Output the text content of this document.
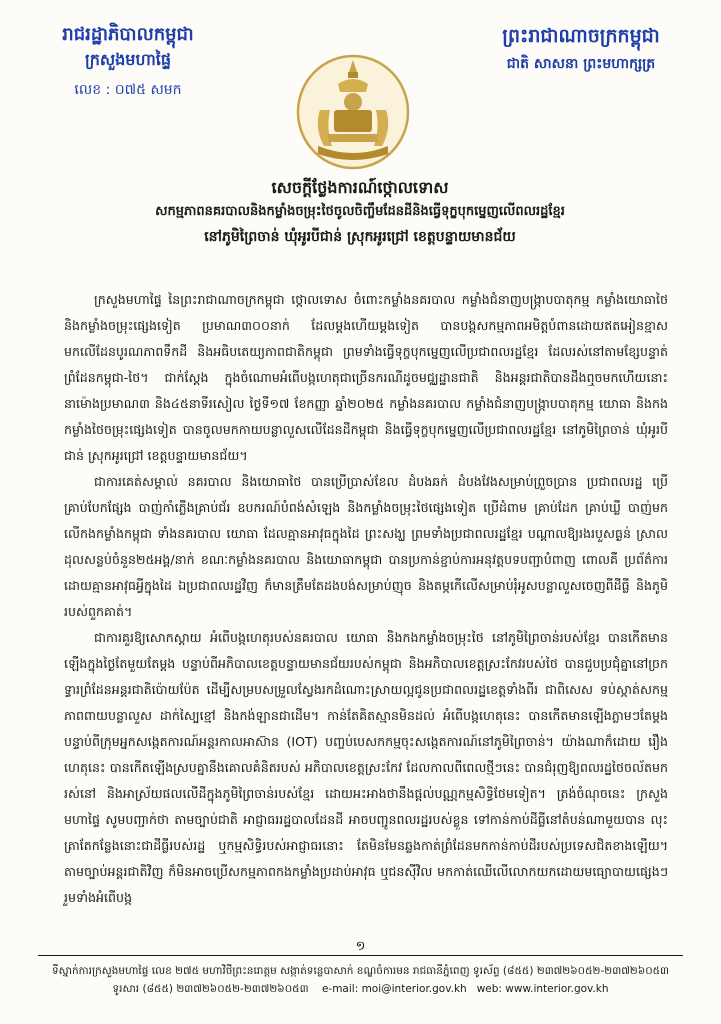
រាជរដ្ឋាភិបាលកម្ពុជា
ក្រសួងមហាផ្ទៃ
លេខ : ០៧៥ សមក
ព្រះរាជាណាចក្រកម្ពុជា
ជាតិ សាសនា ព្រះមហាក្សត្រ
សេចក្តីថ្លែងការណ៍ថ្កោលទោស
សកម្មភាពនគរបាលនិងកម្លាំងចម្រុះថៃចូលចិញ្ចឹមដែនដីនិងធ្វើទុក្ខបុកម្នេញលើពលរដ្ឋខ្មែរ
នៅភូមិព្រៃចាន់ ឃុំអូរបីជាន់ ស្រុកអូរជ្រៅ ខេត្តបន្ទាយមានជ័យ

ក្រសួងមហាផ្ទៃ នៃព្រះរាជាណាចក្រកម្ពុជា ថ្កោលទោស ចំពោះកម្លាំងនគរបាល កម្លាំងជំនាញបង្ក្រាបបាតុកម្ម កម្លាំងយោធាថៃ និងកម្លាំងចម្រុះផ្សេងទៀត ប្រមាណ៣០០នាក់ ដែលម្តងហើយម្តងទៀត បានបង្កសកម្មភាពអមិត្តបំពានដោយឥតអៀនខ្មាស មកលើដែនបូរណភាពទឹកដី និងអធិបតេយ្យភាពជាតិកម្ពុជា ព្រមទាំងធ្វើទុក្ខបុកម្នេញលើប្រជាពលរដ្ឋខ្មែរ ដែលរស់នៅតាមខ្សែបន្ទាត់ព្រំដែនកម្ពុជា-ថៃ។ ជាក់ស្តែង ក្នុងចំណោមអំពើបង្កហេតុជាច្រើនករណីដូចមជ្ឈដ្ឋានជាតិ និងអន្តរជាតិបានដឹងឮចមកហើយនោះ នាម៉ោងប្រមាណ៣ និង៤៥នាទីរសៀល ថ្ងៃទី១៧ ខែកញ្ញា ឆ្នាំ២០២៥ កម្លាំងនគរបាល កម្លាំងជំនាញបង្ក្រាបបាតុកម្ម យោធា និងកងកម្លាំងថៃចម្រុះផ្សេងទៀត បានចូលមកកាយបន្លាលួសលើដែនដីកម្ពុជា និងធ្វើទុក្ខបុកម្នេញលើប្រជាពលរដ្ឋខ្មែរ នៅភូមិព្រៃចាន់ ឃុំអូរបីជាន់ ស្រុកអូរជ្រៅ ខេត្តបន្ទាយមានជ័យ។

ជាការគេត់សម្គាល់ នគរបាល និងយោធាថៃ បានប្រើប្រាស់ខែល ដំបងឆក់ ដំបងវែងសម្រាប់ព្រួចប្រាន ប្រជាពលរដ្ឋ ប្រើគ្រាប់បែកផ្សែង បាញ់កាំភ្លើងគ្រាប់ជ័រ ឧបករណ៍បំពង់សំឡេង និងកម្លាំងចម្រុះថៃផ្សេងទៀត ប្រើដំពាម គ្រាប់ដែក គ្រាប់ឃ្លី បាញ់មកលើកងកម្លាំងកម្ពុជា ទាំងនគរបាល យោធា ដែលគ្មានអាវុធក្នុងដៃ ព្រះសង្ឃ ព្រមទាំងប្រជាពលរដ្ឋខ្មែរ បណ្តាលឱ្យរងរបួសធ្ងន់ ស្រាល ដុលសន្លប់ចំនួន២៥អង្គ/នាក់ ខណៈកម្លាំងនគរបាល និងយោធាកម្ពុជា បានប្រកាន់ខ្ជាប់ការអនុវត្តបទបញ្ជាបំពាញ ពោលគឺ ប្រព័ត៌ការដោយគ្មានអាវុធអ្វីក្នុងដៃ ឯប្រជាពលរដ្ឋវិញ ក៏មានត្រឹមតែដងបង់សម្រាប់ញុច និងតម្កកើលើសម្រាប់រុំអូសបន្លាលួសចេញពីដីធ្លី និងភូមិរបស់ពួកគាត់។

ជាការគួរឱ្យសោកស្តាយ អំពើបង្កហេតុរបស់នគរបាល យោធា និងកងកម្លាំងចម្រុះថៃ នៅភូមិព្រៃចាន់របស់ខ្មែរ បានកើតមានឡើងក្នុងថ្ងៃតែមួយតែម្តង បន្ទាប់ពីអភិបាលខេត្តបន្ទាយមានជ័យរបស់កម្ពុជា និងអភិបាលខេត្តស្រះកែវរបស់ថៃ បានជួបប្រជុំគ្នានៅច្រកទ្វារព្រំដែនអន្តរជាតិប៉ោយប៉ែត ដើម្បីសម្របសម្រួលស្វែងរកដំណោះស្រាយល្អជូនប្រជាពលរដ្ឋខេត្តទាំងពីរ ជាពិសេស ទប់ស្កាត់សកម្មភាពពាយបន្លាលួស ដាក់ស្បៃខ្មៅ និងកង់ឡានជាដើម។ កាន់តែគិតស្មានមិនដល់ អំពើបង្កហេតុនេះ បានកើតមានឡើងភ្លាមៗតែម្តង បន្ទាប់ពីក្រុមអ្នកសង្កេតការណ៍អន្តរកាលអាស៊ាន (IOT) បញ្ចប់បេសកកម្មចុះសង្កេតការណ៍នៅភូមិព្រៃចាន់។ យ៉ាងណាក៏ដោយ រឿងហេតុនេះ បានកើតឡើងស្របគ្នានឹងគោលគំនិតរបស់ អភិបាលខេត្តស្រះកែវ ដែលកាលពីពេលថ្មីៗនេះ បានជំរុញឱ្យពលរដ្ឋថៃចល័តមករស់នៅ និងអាស្រ័យផលលើដីក្នុងភូមិព្រៃចាន់របស់ខ្មែរ ដោយអះអាងថានឹងផ្តល់បណ្ណកម្មសិទ្ធិថែមទៀត។ ត្រង់ចំណុចនេះ ក្រសួងមហាផ្ទៃ សូមបញ្ជាក់ថា តាមច្បាប់ជាតិ អាជ្ញាធររដ្ឋបាលដែនដី អាចបញ្ជូនពលរដ្ឋរបស់ខ្លួន ទៅកាន់កាប់ដីធ្លីនៅតំបន់ណាមួយបាន លុះត្រាតែកន្លែងនោះជាដីធ្លីរបស់រដ្ឋ ឬកម្មសិទ្ធិរបស់អាជ្ញាធរនោះ តែមិនមែនឆ្លងកាត់ព្រំដែនមកកាន់កាប់ដីរបស់ប្រទេសជិតខាងឡើយ។ តាមច្បាប់អន្តរជាតិវិញ ក៏មិនអាចប្រើសកម្មភាពកងកម្លាំងប្រដាប់អាវុធ ឬជនស៊ីវិល មកកាត់ឈើលើលោកយកដោយមធ្យោបាយផ្សេងៗ រួមទាំងអំពើបង្ក

១
ទីស្នាក់ការក្រសួងមហាផ្ទៃ លេខ ២៧៥ មហាវិថីព្រះនរោត្តម សង្កាត់ទន្លេបាសាក់ ខណ្ឌចំការមន រាជធានីភ្នំពេញ ទូរស័ព្ទ (៨៥៥) ២៣៧២៦០៥២-២៣៧២៦០៥៣
ទូរសារ (៨៥៥) ២៣៧២៦០៥២-២៣៧២៦០៥៣ e-mail: moi@interior.gov.kh web: www.interior.gov.kh
